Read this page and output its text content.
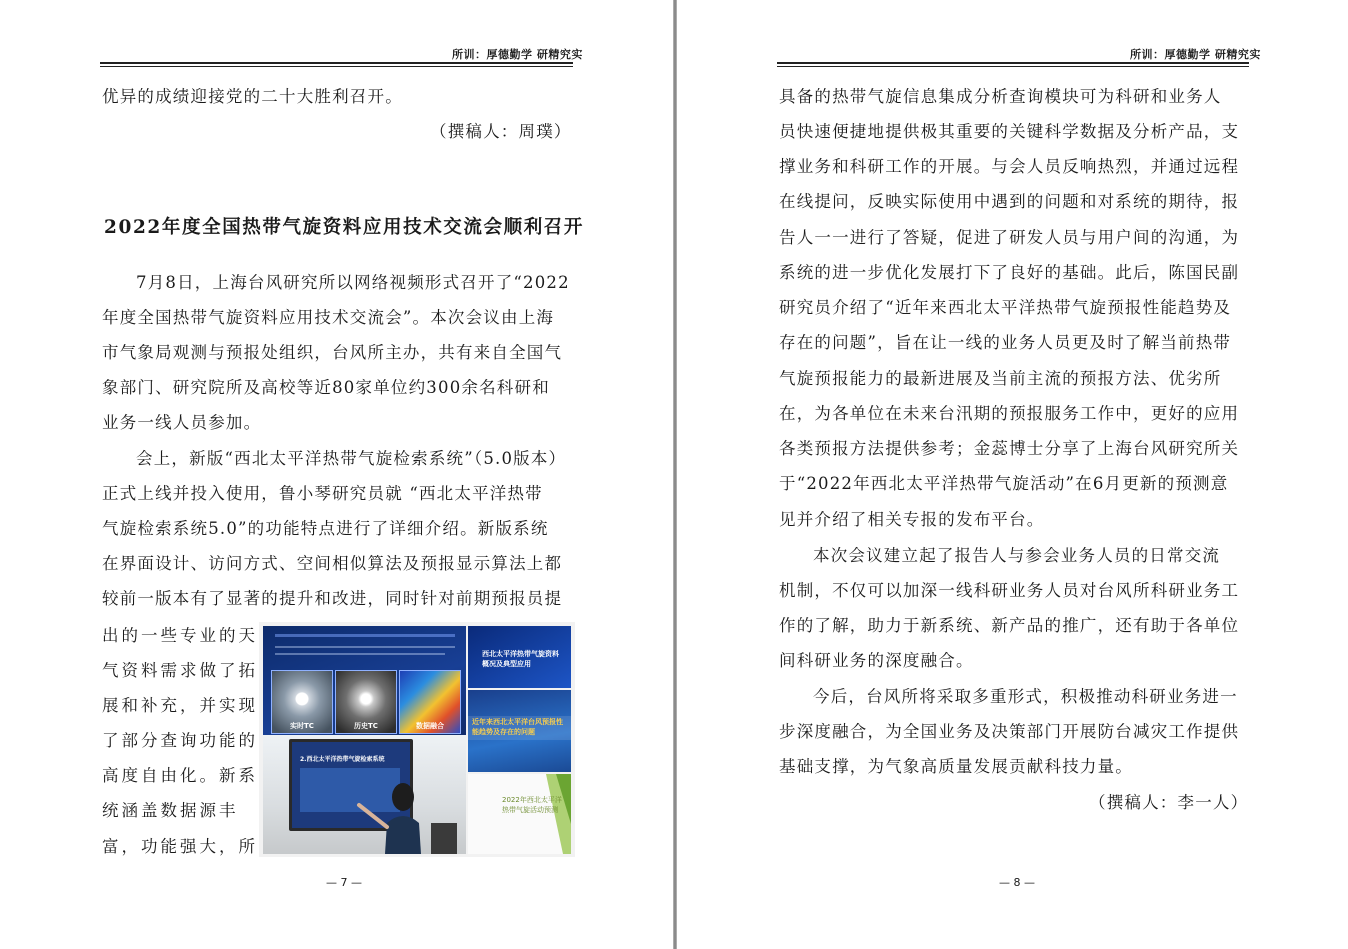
所训：厚德勤学 研精究实
优异的成绩迎接党的二十大胜利召开。
（撰稿人：周璞）
2022年度全国热带气旋资料应用技术交流会顺利召开
7月8日，上海台风研究所以网络视频形式召开了“2022
年度全国热带气旋资料应用技术交流会”。本次会议由上海
市气象局观测与预报处组织，台风所主办，共有来自全国气
象部门、研究院所及高校等近80家单位约300余名科研和
业务一线人员参加。
会上，新版“西北太平洋热带气旋检索系统”（5.0版本）
正式上线并投入使用，鲁小琴研究员就 “西北太平洋热带
气旋检索系统5.0”的功能特点进行了详细介绍。新版系统
在界面设计、访问方式、空间相似算法及预报显示算法上都
较前一版本有了显著的提升和改进，同时针对前期预报员提
出的一些专业的天
气资料需求做了拓
展和补充，并实现
了部分查询功能的
高度自由化。新系
统涵盖数据源丰
富，功能强大，所
实时TC	历史TC	数据融合
西北太平洋热带气旋资料
概况及典型应用
近年来西北太平洋台风预报性
能趋势及存在的问题
2022年西北太平洋
热带气旋活动预测
2.西北太平洋热带气旋检索系统
— 7 —
所训：厚德勤学 研精究实
具备的热带气旋信息集成分析查询模块可为科研和业务人
员快速便捷地提供极其重要的关键科学数据及分析产品，支
撑业务和科研工作的开展。与会人员反响热烈，并通过远程
在线提问，反映实际使用中遇到的问题和对系统的期待，报
告人一一进行了答疑，促进了研发人员与用户间的沟通，为
系统的进一步优化发展打下了良好的基础。此后，陈国民副
研究员介绍了“近年来西北太平洋热带气旋预报性能趋势及
存在的问题”，旨在让一线的业务人员更及时了解当前热带
气旋预报能力的最新进展及当前主流的预报方法、优劣所
在，为各单位在未来台汛期的预报服务工作中，更好的应用
各类预报方法提供参考；金蕊博士分享了上海台风研究所关
于“2022年西北太平洋热带气旋活动”在6月更新的预测意
见并介绍了相关专报的发布平台。
本次会议建立起了报告人与参会业务人员的日常交流
机制，不仅可以加深一线科研业务人员对台风所科研业务工
作的了解，助力于新系统、新产品的推广，还有助于各单位
间科研业务的深度融合。
今后，台风所将采取多重形式，积极推动科研业务进一
步深度融合，为全国业务及决策部门开展防台减灾工作提供
基础支撑，为气象高质量发展贡献科技力量。
（撰稿人：李一人）
— 8 —
